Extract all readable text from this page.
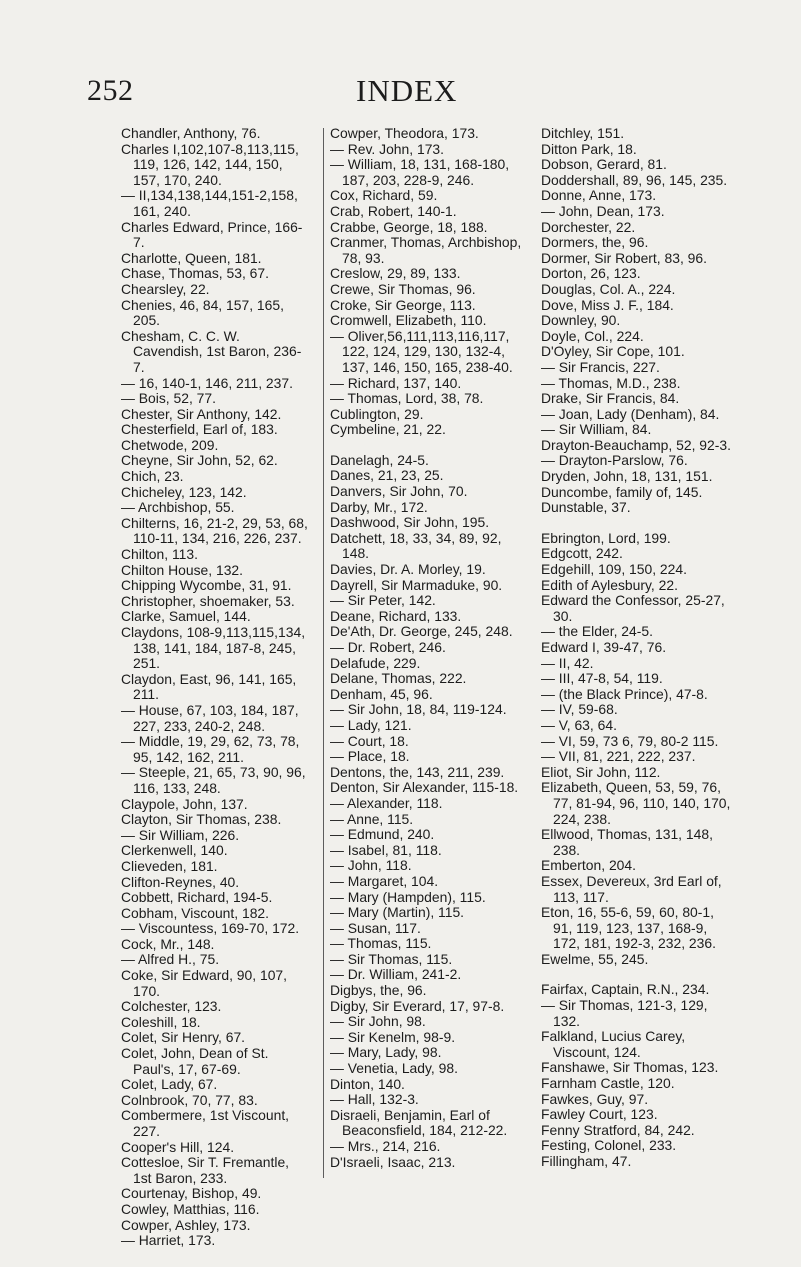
252	INDEX
Chandler, Anthony, 76.
Charles I,102,107-8,113,115, 119, 126, 142, 144, 150, 157, 170, 240.
— II,134,138,144,151-2,158, 161, 240.
Charles Edward, Prince, 166-7.
Charlotte, Queen, 181.
Chase, Thomas, 53, 67.
Chearsley, 22.
Chenies, 46, 84, 157, 165, 205.
Chesham, C. C. W. Cavendish, 1st Baron, 236-7.
— 16, 140-1, 146, 211, 237.
— Bois, 52, 77.
Chester, Sir Anthony, 142.
Chesterfield, Earl of, 183.
Chetwode, 209.
Cheyne, Sir John, 52, 62.
Chich, 23.
Chicheley, 123, 142.
— Archbishop, 55.
Chilterns, 16, 21-2, 29, 53, 68, 110-11, 134, 216, 226, 237.
Chilton, 113.
Chilton House, 132.
Chipping Wycombe, 31, 91.
Christopher, shoemaker, 53.
Clarke, Samuel, 144.
Claydons, 108-9,113,115,134, 138, 141, 184, 187-8, 245, 251.
Claydon, East, 96, 141, 165, 211.
— House, 67, 103, 184, 187, 227, 233, 240-2, 248.
— Middle, 19, 29, 62, 73, 78, 95, 142, 162, 211.
— Steeple, 21, 65, 73, 90, 96, 116, 133, 248.
Claypole, John, 137.
Clayton, Sir Thomas, 238.
— Sir William, 226.
Clerkenwell, 140.
Clieveden, 181.
Clifton-Reynes, 40.
Cobbett, Richard, 194-5.
Cobham, Viscount, 182.
— Viscountess, 169-70, 172.
Cock, Mr., 148.
— Alfred H., 75.
Coke, Sir Edward, 90, 107, 170.
Colchester, 123.
Coleshill, 18.
Colet, Sir Henry, 67.
Colet, John, Dean of St. Paul's, 17, 67-69.
Colet, Lady, 67.
Colnbrook, 70, 77, 83.
Combermere, 1st Viscount, 227.
Cooper's Hill, 124.
Cottesloe, Sir T. Fremantle, 1st Baron, 233.
Courtenay, Bishop, 49.
Cowley, Matthias, 116.
Cowper, Ashley, 173.
— Harriet, 173.
Cowper, Theodora, 173.
— Rev. John, 173.
— William, 18, 131, 168-180, 187, 203, 228-9, 246.
Cox, Richard, 59.
Crab, Robert, 140-1.
Crabbe, George, 18, 188.
Cranmer, Thomas, Archbishop, 78, 93.
Creslow, 29, 89, 133.
Crewe, Sir Thomas, 96.
Croke, Sir George, 113.
Cromwell, Elizabeth, 110.
— Oliver,56,111,113,116,117, 122, 124, 129, 130, 132-4, 137, 146, 150, 165, 238-40.
— Richard, 137, 140.
— Thomas, Lord, 38, 78.
Cublington, 29.
Cymbeline, 21, 22.
Danelagh, 24-5.
Danes, 21, 23, 25.
Danvers, Sir John, 70.
Darby, Mr., 172.
Dashwood, Sir John, 195.
Datchett, 18, 33, 34, 89, 92, 148.
Davies, Dr. A. Morley, 19.
Dayrell, Sir Marmaduke, 90.
— Sir Peter, 142.
Deane, Richard, 133.
De'Ath, Dr. George, 245, 248.
— Dr. Robert, 246.
Delafude, 229.
Delane, Thomas, 222.
Denham, 45, 96.
— Sir John, 18, 84, 119-124.
— Lady, 121.
— Court, 18.
— Place, 18.
Dentons, the, 143, 211, 239.
Denton, Sir Alexander, 115-18.
— Alexander, 118.
— Anne, 115.
— Edmund, 240.
— Isabel, 81, 118.
— John, 118.
— Margaret, 104.
— Mary (Hampden), 115.
— Mary (Martin), 115.
— Susan, 117.
— Thomas, 115.
— Sir Thomas, 115.
— Dr. William, 241-2.
Digbys, the, 96.
Digby, Sir Everard, 17, 97-8.
— Sir John, 98.
— Sir Kenelm, 98-9.
— Mary, Lady, 98.
— Venetia, Lady, 98.
Dinton, 140.
— Hall, 132-3.
Disraeli, Benjamin, Earl of Beaconsfield, 184, 212-22.
— Mrs., 214, 216.
D'Israeli, Isaac, 213.
Ditchley, 151.
Ditton Park, 18.
Dobson, Gerard, 81.
Doddershall, 89, 96, 145, 235.
Donne, Anne, 173.
— John, Dean, 173.
Dorchester, 22.
Dormers, the, 96.
Dormer, Sir Robert, 83, 96.
Dorton, 26, 123.
Douglas, Col. A., 224.
Dove, Miss J. F., 184.
Downley, 90.
Doyle, Col., 224.
D'Oyley, Sir Cope, 101.
— Sir Francis, 227.
— Thomas, M.D., 238.
Drake, Sir Francis, 84.
— Joan, Lady (Denham), 84.
— Sir William, 84.
Drayton-Beauchamp, 52, 92-3.
— Drayton-Parslow, 76.
Dryden, John, 18, 131, 151.
Duncombe, family of, 145.
Dunstable, 37.
Ebrington, Lord, 199.
Edgcott, 242.
Edgehill, 109, 150, 224.
Edith of Aylesbury, 22.
Edward the Confessor, 25-27, 30.
— the Elder, 24-5.
Edward I, 39-47, 76.
— II, 42.
— III, 47-8, 54, 119.
— (the Black Prince), 47-8.
— IV, 59-68.
— V, 63, 64.
— VI, 59, 73 6, 79, 80-2 115.
— VII, 81, 221, 222, 237.
Eliot, Sir John, 112.
Elizabeth, Queen, 53, 59, 76, 77, 81-94, 96, 110, 140, 170, 224, 238.
Ellwood, Thomas, 131, 148, 238.
Emberton, 204.
Essex, Devereux, 3rd Earl of, 113, 117.
Eton, 16, 55-6, 59, 60, 80-1, 91, 119, 123, 137, 168-9, 172, 181, 192-3, 232, 236.
Ewelme, 55, 245.
Fairfax, Captain, R.N., 234.
— Sir Thomas, 121-3, 129, 132.
Falkland, Lucius Carey, Viscount, 124.
Fanshawe, Sir Thomas, 123.
Farnham Castle, 120.
Fawkes, Guy, 97.
Fawley Court, 123.
Fenny Stratford, 84, 242.
Festing, Colonel, 233.
Fillingham, 47.
